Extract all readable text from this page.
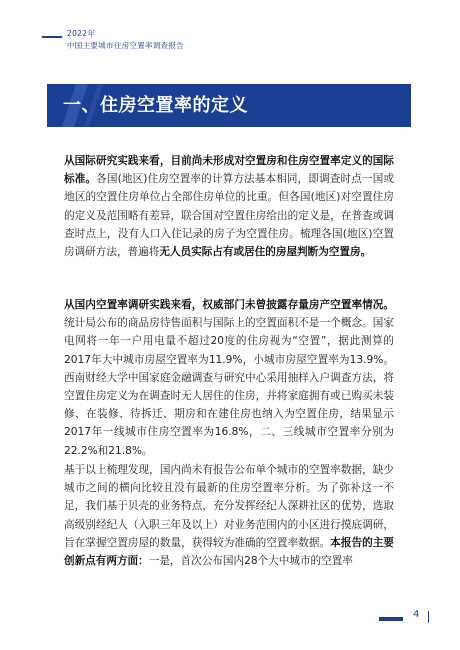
2022年
中国主要城市住房空置率调查报告
一、住房空置率的定义

从国际研究实践来看，目前尚未形成对空置房和住房空置率定义的国际标准。各国(地区)住房空置率的计算方法基本相同，即调查时点一国或地区的空置住房单位占全部住房单位的比重。但各国(地区)对空置住房的定义及范围略有差异，联合国对空置住房给出的定义是，在普查或调查时点上，没有人口入住记录的房子为空置住房。梳理各国(地区)空置房调研方法，普遍将无人员实际占有或居住的房屋判断为空置房。

从国内空置率调研实践来看，权威部门未曾披露存量房产空置率情况。统计局公布的商品房待售面积与国际上的空置面积不是一个概念。国家电网将一年一户用电量不超过20度的住房视为“空置”，据此测算的2017年大中城市房屋空置率为11.9%，小城市房屋空置率为13.9%。西南财经大学中国家庭金融调查与研究中心采用抽样入户调查方法，将空置住房定义为在调查时无人居住的住房，并将家庭拥有或已购买未装修、在装修、待拆迁、期房和在建住房也纳入为空置住房，结果显示2017年一线城市住房空置率为16.8%，二、三线城市空置率分别为22.2%和21.8%。

基于以上梳理发现，国内尚未有报告公布单个城市的空置率数据，缺少城市之间的横向比较且没有最新的住房空置率分析。为了弥补这一不足，我们基于贝壳的业务特点，充分发挥经纪人深耕社区的优势，选取高级别经纪人（入职三年及以上）对业务范围内的小区进行摸底调研，旨在掌握空置房屋的数量，获得较为准确的空置率数据。本报告的主要创新点有两方面：一是，首次公布国内28个大中城市的空置率

4
